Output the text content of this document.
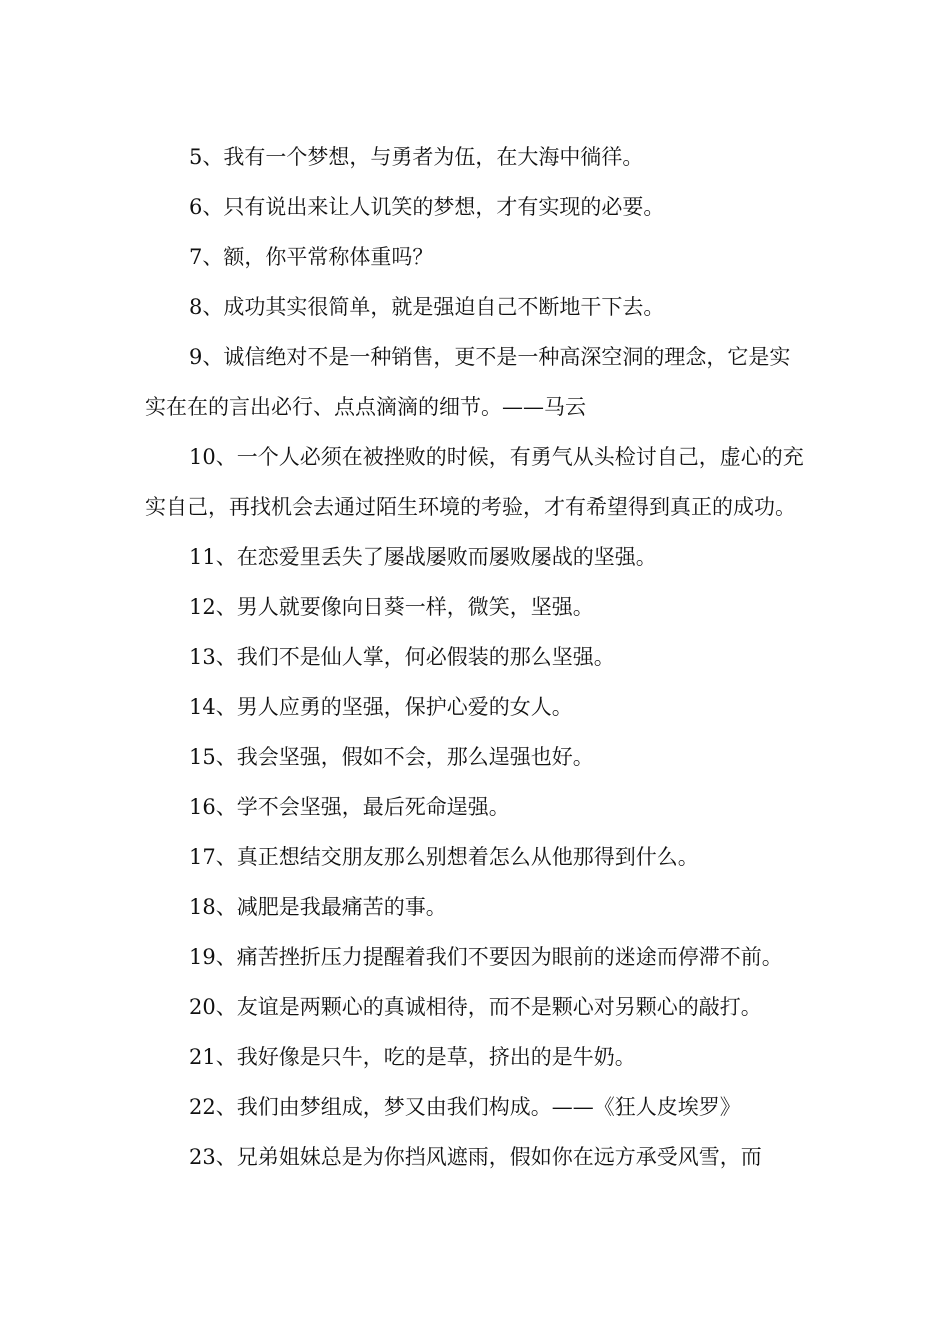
5、我有一个梦想，与勇者为伍，在大海中徜徉。

6、只有说出来让人讥笑的梦想，才有实现的必要。

7、额，你平常称体重吗？

8、成功其实很简单，就是强迫自己不断地干下去。

9、诚信绝对不是一种销售，更不是一种高深空洞的理念，它是实实在在的言出必行、点点滴滴的细节。——马云

10、一个人必须在被挫败的时候，有勇气从头检讨自己，虚心的充实自己，再找机会去通过陌生环境的考验，才有希望得到真正的成功。

11、在恋爱里丢失了屡战屡败而屡败屡战的坚强。

12、男人就要像向日葵一样，微笑，坚强。

13、我们不是仙人掌，何必假装的那么坚强。

14、男人应勇的坚强，保护心爱的女人。

15、我会坚强，假如不会，那么逞强也好。

16、学不会坚强，最后死命逞强。

17、真正想结交朋友那么别想着怎么从他那得到什么。

18、减肥是我最痛苦的事。

19、痛苦挫折压力提醒着我们不要因为眼前的迷途而停滞不前。

20、友谊是两颗心的真诚相待，而不是颗心对另颗心的敲打。

21、我好像是只牛，吃的是草，挤出的是牛奶。

22、我们由梦组成，梦又由我们构成。——《狂人皮埃罗》

23、兄弟姐妹总是为你挡风遮雨，假如你在远方承受风雪，而
